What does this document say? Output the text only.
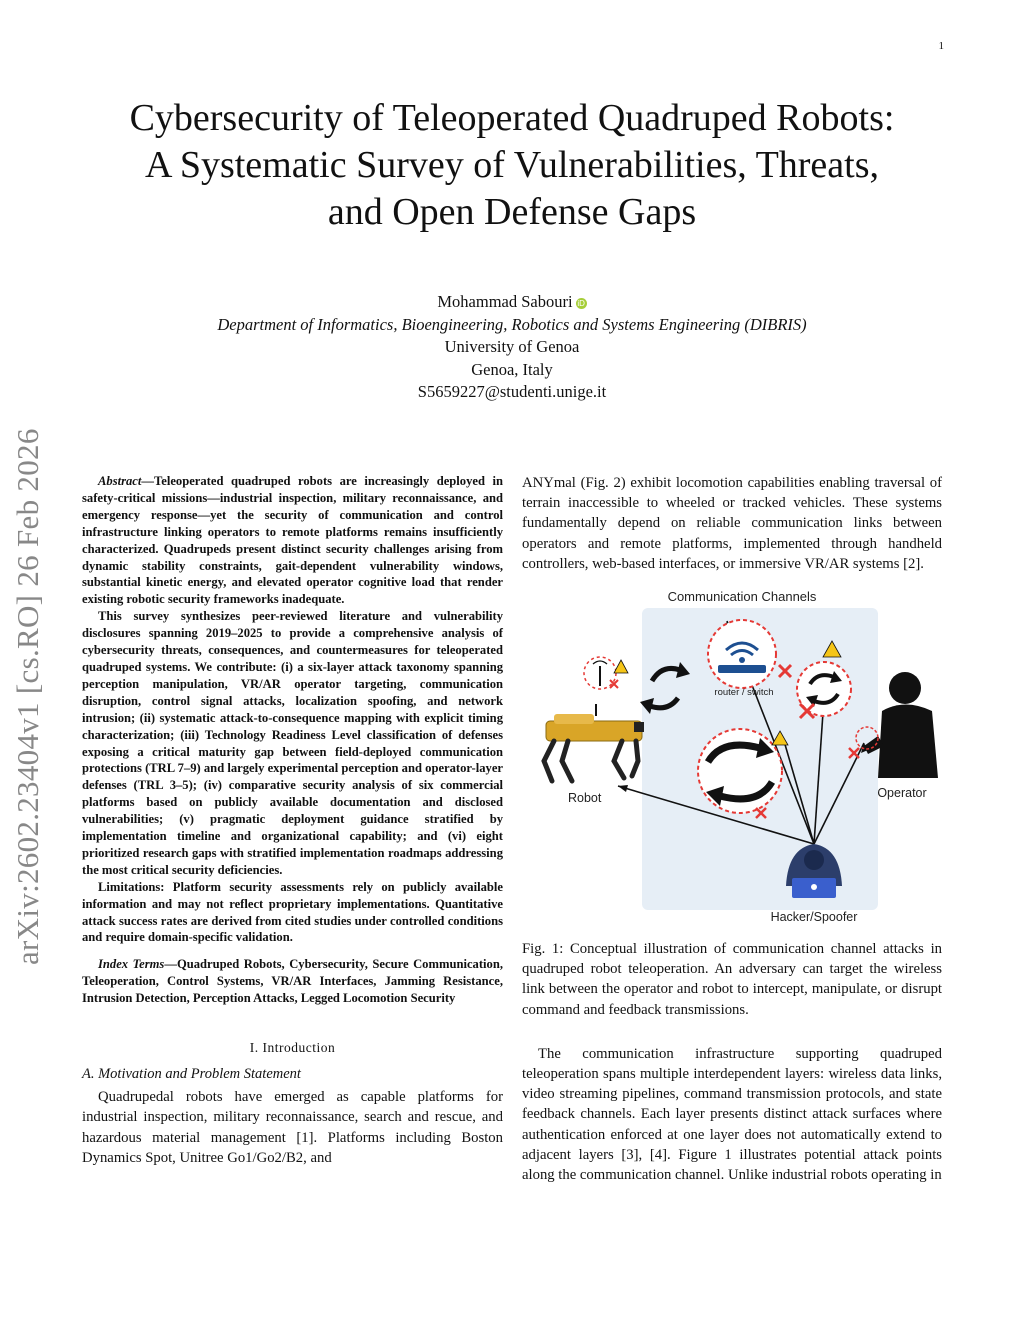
1
arXiv:2602.23404v1 [cs.RO] 26 Feb 2026
Cybersecurity of Teleoperated Quadruped Robots:
A Systematic Survey of Vulnerabilities, Threats,
and Open Defense Gaps
Mohammad Sabouri iD
Department of Informatics, Bioengineering, Robotics and Systems Engineering (DIBRIS)
University of Genoa
Genoa, Italy
S5659227@studenti.unige.it

Abstract—Teleoperated quadruped robots are increasingly deployed in safety-critical missions—industrial inspection, military reconnaissance, and emergency response—yet the security of communication and control infrastructure linking operators to remote platforms remains insufficiently characterized. Quadrupeds present distinct security challenges arising from dynamic stability constraints, gait-dependent vulnerability windows, substantial kinetic energy, and elevated operator cognitive load that render existing robotic security frameworks inadequate.

This survey synthesizes peer-reviewed literature and vulnerability disclosures spanning 2019–2025 to provide a comprehensive analysis of cybersecurity threats, consequences, and countermeasures for teleoperated quadruped systems. We contribute: (i) a six-layer attack taxonomy spanning perception manipulation, VR/AR operator targeting, communication disruption, control signal attacks, localization spoofing, and network intrusion; (ii) systematic attack-to-consequence mapping with explicit timing characterization; (iii) Technology Readiness Level classification of defenses exposing a critical maturity gap between field-deployed communication protections (TRL 7–9) and largely experimental perception and operator-layer defenses (TRL 3–5); (iv) comparative security analysis of six commercial platforms based on publicly available documentation and disclosed vulnerabilities; (v) pragmatic deployment guidance stratified by implementation timeline and organizational capability; and (vi) eight prioritized research gaps with stratified implementation roadmaps addressing the most critical security deficiencies.

Limitations: Platform security assessments rely on publicly available information and may not reflect proprietary implementations. Quantitative attack success rates are derived from cited studies under controlled conditions and require domain-specific validation.

Index Terms—Quadruped Robots, Cybersecurity, Secure Communication, Teleoperation, Control Systems, VR/AR Interfaces, Jamming Resistance, Intrusion Detection, Perception Attacks, Legged Locomotion Security

I. Introduction
A. Motivation and Problem Statement

Quadrupedal robots have emerged as capable platforms for industrial inspection, military reconnaissance, search and rescue, and hazardous material management [1]. Platforms including Boston Dynamics Spot, Unitree Go1/Go2/B2, and

ANYmal (Fig. 2) exhibit locomotion capabilities enabling traversal of terrain inaccessible to wheeled or tracked vehicles. These systems fundamentally depend on reliable communication links between operators and remote platforms, implemented through handheld controllers, web-based interfaces, or immersive VR/AR systems [2].

Communication Channels
router / switch
Robot	Operator
Hacker/Spoofer

Fig. 1: Conceptual illustration of communication channel attacks in quadruped robot teleoperation. An adversary can target the wireless link between the operator and robot to intercept, manipulate, or disrupt command and feedback transmissions.

The communication infrastructure supporting quadruped teleoperation spans multiple interdependent layers: wireless data links, video streaming pipelines, command transmission protocols, and state feedback channels. Each layer presents distinct attack surfaces where authentication enforced at one layer does not automatically extend to adjacent layers [3], [4]. Figure 1 illustrates potential attack points along the communication channel. Unlike industrial robots operating in
